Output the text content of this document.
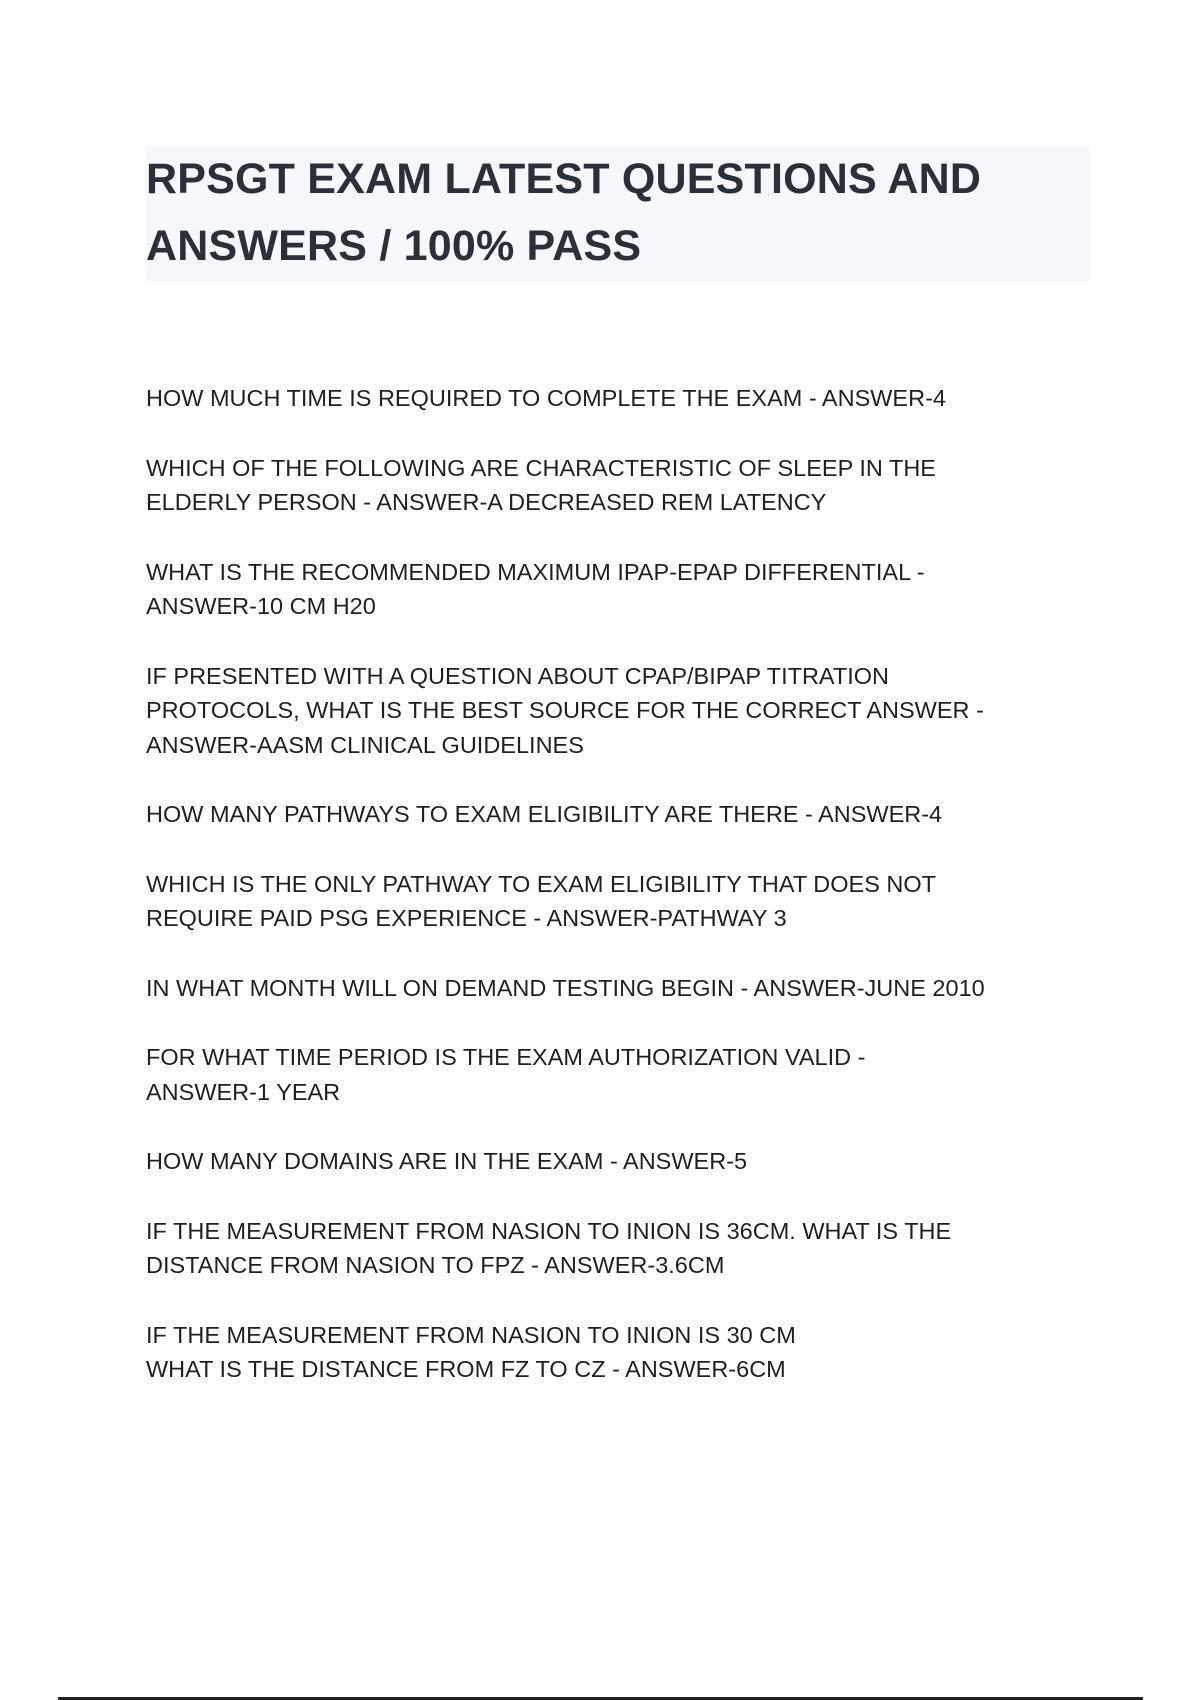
RPSGT EXAM LATEST QUESTIONS AND
ANSWERS / 100% PASS
HOW MUCH TIME IS REQUIRED TO COMPLETE THE EXAM - ANSWER-4
WHICH OF THE FOLLOWING ARE CHARACTERISTIC OF SLEEP IN THE
ELDERLY PERSON - ANSWER-A DECREASED REM LATENCY
WHAT IS THE RECOMMENDED MAXIMUM IPAP-EPAP DIFFERENTIAL -
ANSWER-10 CM H20
IF PRESENTED WITH A QUESTION ABOUT CPAP/BIPAP TITRATION
PROTOCOLS, WHAT IS THE BEST SOURCE FOR THE CORRECT ANSWER -
ANSWER-AASM CLINICAL GUIDELINES
HOW MANY PATHWAYS TO EXAM ELIGIBILITY ARE THERE - ANSWER-4
WHICH IS THE ONLY PATHWAY TO EXAM ELIGIBILITY THAT DOES NOT
REQUIRE PAID PSG EXPERIENCE - ANSWER-PATHWAY 3
IN WHAT MONTH WILL ON DEMAND TESTING BEGIN - ANSWER-JUNE 2010
FOR WHAT TIME PERIOD IS THE EXAM AUTHORIZATION VALID -
ANSWER-1 YEAR
HOW MANY DOMAINS ARE IN THE EXAM - ANSWER-5
IF THE MEASUREMENT FROM NASION TO INION IS 36CM. WHAT IS THE
DISTANCE FROM NASION TO FPZ - ANSWER-3.6CM
IF THE MEASUREMENT FROM NASION TO INION IS 30 CM
WHAT IS THE DISTANCE FROM FZ TO CZ - ANSWER-6CM
